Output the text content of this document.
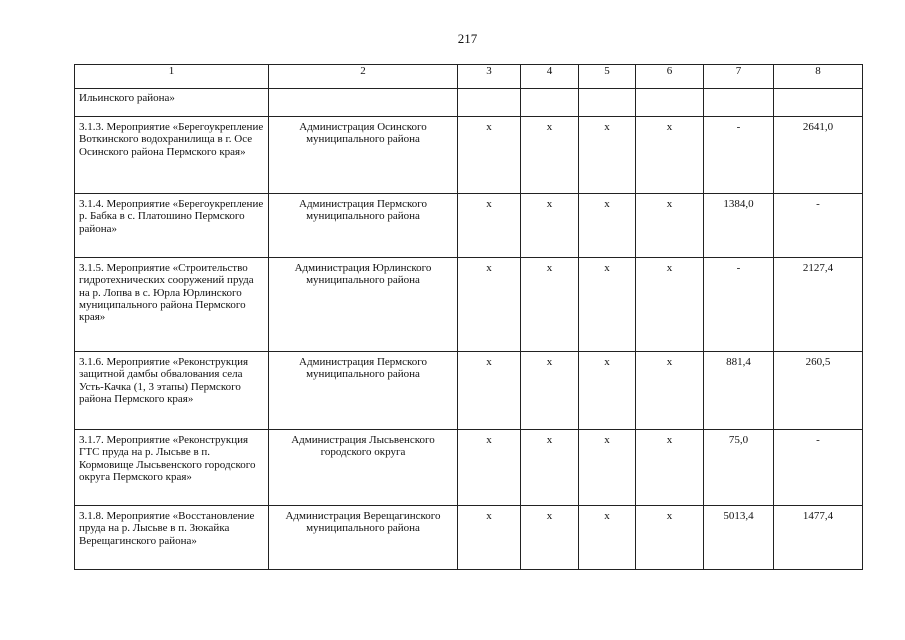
217
1	2	3	4	5	6	7	8
Ильинского района»							
3.1.3. Мероприятие «Берегоукрепление Воткинского водохранилища в г. Осе Осинского района Пермского края»	Администрация Осинского муниципального района	х	х	х	х	-	2641,0
3.1.4. Мероприятие «Берегоукрепление р. Бабка в с. Платошино Пермского района»	Администрация Пермского муниципального района	х	х	х	х	1384,0	-
3.1.5. Мероприятие «Строительство гидротехнических сооружений пруда на р. Лопва в с. Юрла Юрлинского муниципального района Пермского края»	Администрация Юрлинского муниципального района	х	х	х	х	-	2127,4
3.1.6. Мероприятие «Реконструкция защитной дамбы обвалования села Усть-Качка (1, 3 этапы) Пермского района Пермского края»	Администрация Пермского муниципального района	х	х	х	х	881,4	260,5
3.1.7. Мероприятие «Реконструкция ГТС пруда на р. Лысьве в п. Кормовище Лысьвенского городского округа Пермского края»	Администрация Лысьвенского городского округа	х	х	х	х	75,0	-
3.1.8. Мероприятие «Восстановление пруда на р. Лысьве в п. Зюкайка Верещагинского района»	Администрация Верещагинского муниципального района	х	х	х	х	5013,4	1477,4
